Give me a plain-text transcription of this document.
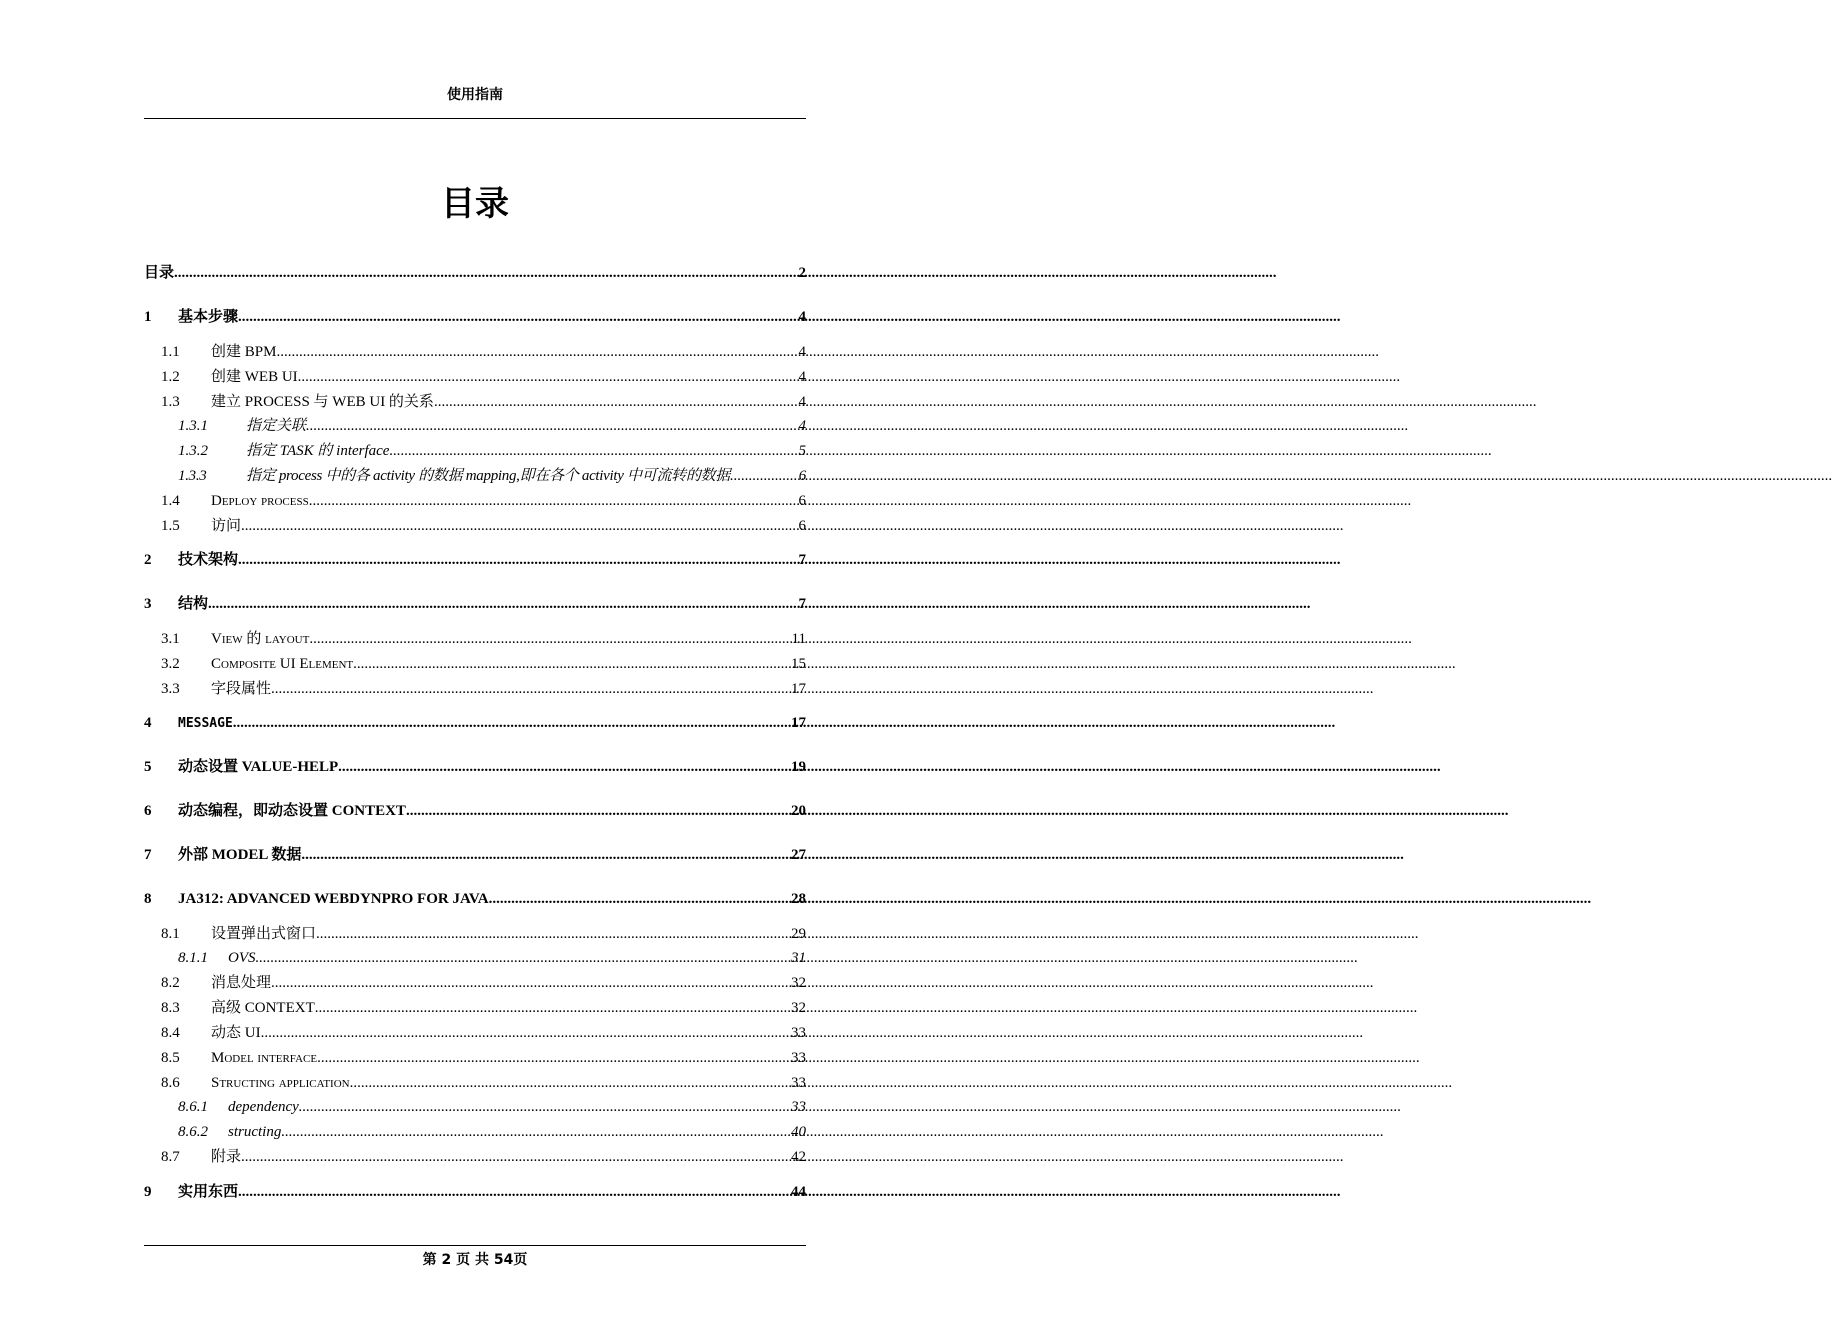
使用指南
目录
目录 .....	2
1	基本步骤 .....	4
1.1	创建 BPM .....	4
1.2	创建 WEB UI .....	4
1.3	建立 PROCESS 与 WEB UI 的关系 .....	4
1.3.1	指定关联 .....	4
1.3.2	指定 TASK 的 interface .....	5
1.3.3	指定 process 中的各 activity 的数据 mapping,即在各个 activity 中可流转的数据 .....	6
1.4	Deploy process .....	6
1.5	访问 .....	6
2	技术架构 .....	7
3	结构 .....	7
3.1	View 的 layout .....	11
3.2	Composite UI Element .....	15
3.3	字段属性 .....	17
4	MESSAGE .....	17
5	动态设置 VALUE-HELP .....	19
6	动态编程，即动态设置 CONTEXT .....	20
7	外部 MODEL 数据 .....	27
8	JA312: ADVANCED WEBDYNPRO FOR JAVA .....	28
8.1	设置弹出式窗口 .....	29
8.1.1	OVS .....	31
8.2	消息处理 .....	32
8.3	高级 CONTEXT .....	32
8.4	动态 UI .....	33
8.5	Model interface .....	33
8.6	Structing application .....	33
8.6.1	dependency .....	33
8.6.2	structing .....	40
8.7	附录 .....	42
9	实用东西 .....	44
第 2 页 共 54页
